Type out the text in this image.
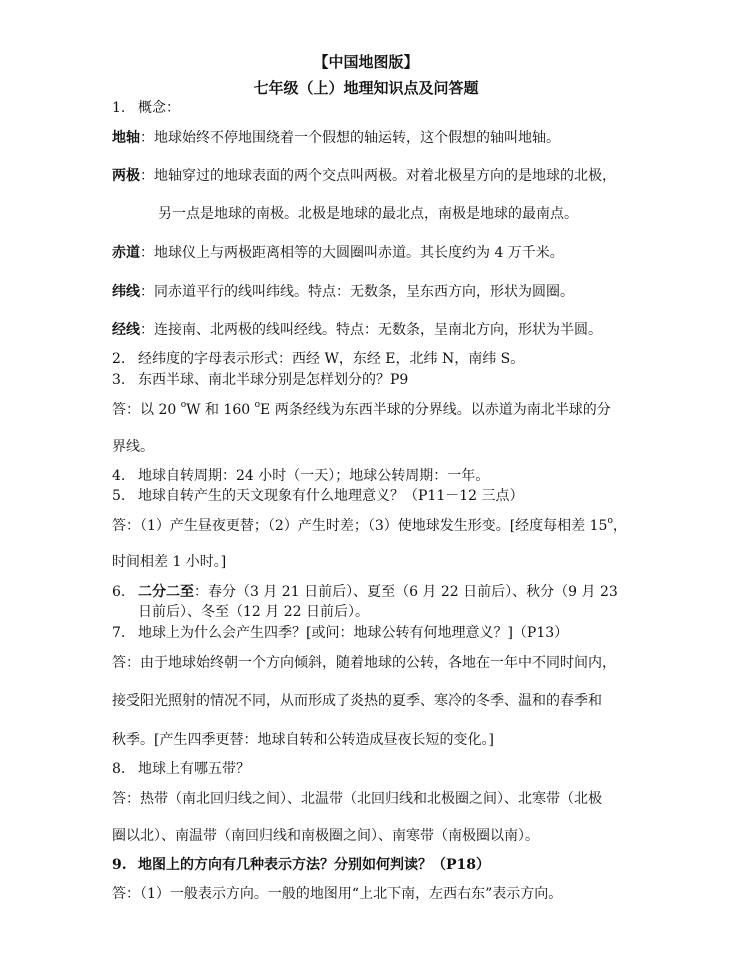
【中国地图版】
七年级（上）地理知识点及问答题
1. 概念：
地轴：地球始终不停地围绕着一个假想的轴运转，这个假想的轴叫地轴。
两极：地轴穿过的地球表面的两个交点叫两极。对着北极星方向的是地球的北极，
另一点是地球的南极。北极是地球的最北点，南极是地球的最南点。
赤道：地球仪上与两极距离相等的大圆圈叫赤道。其长度约为 4 万千米。
纬线：同赤道平行的线叫纬线。特点：无数条，呈东西方向，形状为圆圈。
经线：连接南、北两极的线叫经线。特点：无数条，呈南北方向，形状为半圆。
2. 经纬度的字母表示形式：西经 W，东经 E，北纬 N，南纬 S。
3. 东西半球、南北半球分别是怎样划分的？P9
答：以 20 $^o$W 和 160 $^o$E 两条经线为东西半球的分界线。以赤道为南北半球的分
界线。
4. 地球自转周期：24 小时（一天）；地球公转周期：一年。
5. 地球自转产生的天文现象有什么地理意义？（P11－12 三点）
答：（1）产生昼夜更替；（2）产生时差；（3）使地球发生形变。[经度每相差 15$^o$，
时间相差 1 小时。]
6. 二分二至：春分（3 月 21 日前后）、夏至（6 月 22 日前后）、秋分（9 月 23
日前后）、冬至（12 月 22 日前后）。
7. 地球上为什么会产生四季？[或问：地球公转有何地理意义？]（P13）
答：由于地球始终朝一个方向倾斜，随着地球的公转，各地在一年中不同时间内，
接受阳光照射的情况不同，从而形成了炎热的夏季、寒冷的冬季、温和的春季和
秋季。[产生四季更替：地球自转和公转造成昼夜长短的变化。]
8. 地球上有哪五带？
答：热带（南北回归线之间）、北温带（北回归线和北极圈之间）、北寒带（北极
圈以北）、南温带（南回归线和南极圈之间）、南寒带（南极圈以南）。
9. 地图上的方向有几种表示方法？分别如何判读？（P18）
答：（1）一般表示方向。一般的地图用“上北下南，左西右东”表示方向。
